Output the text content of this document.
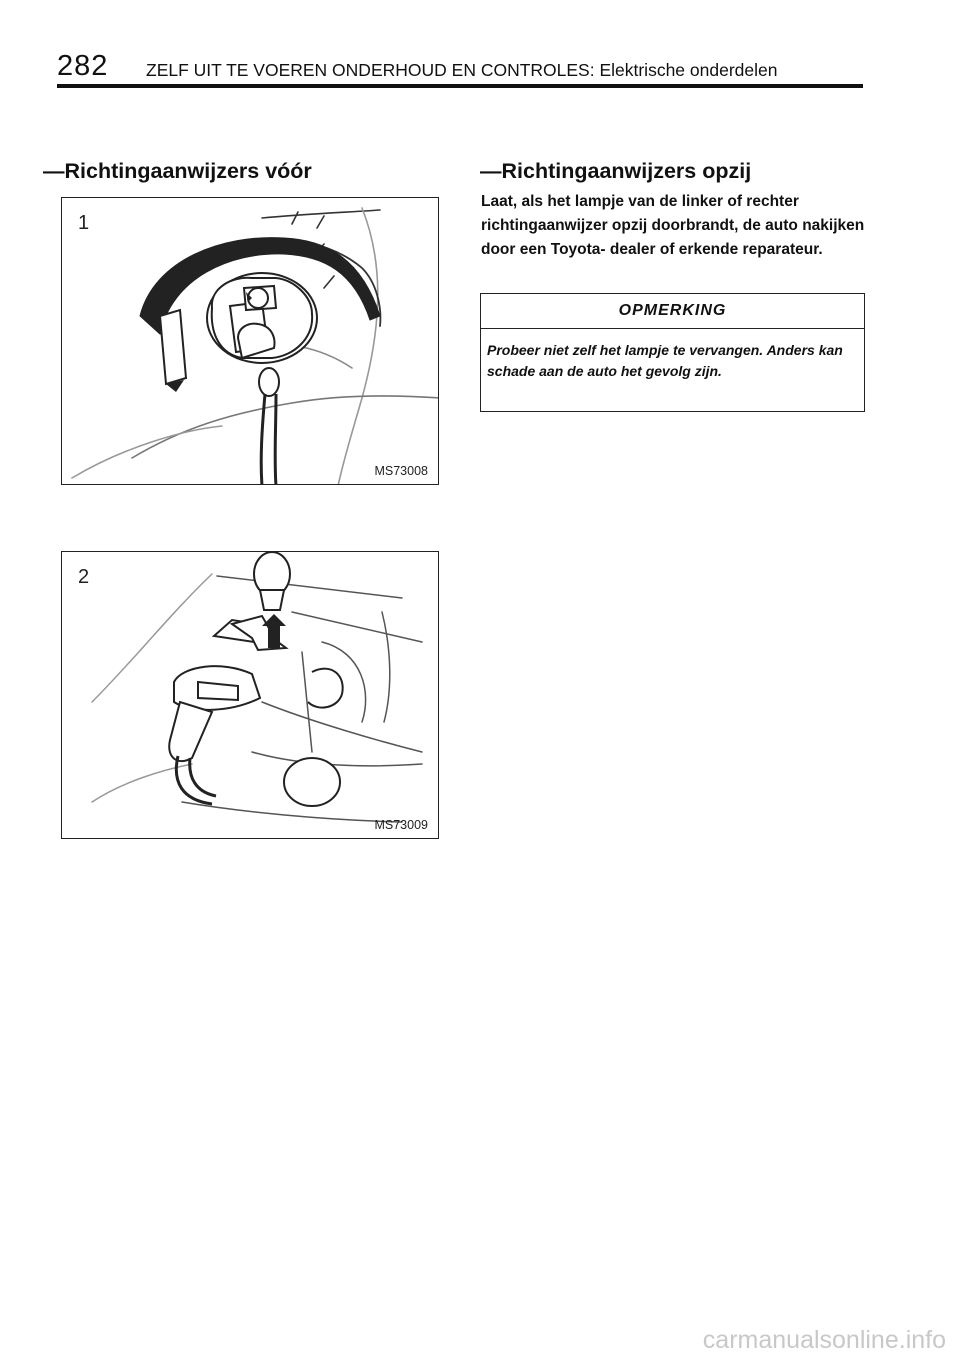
282 ZELF UIT TE VOEREN ONDERHOUD EN CONTROLES: Elektrische onderdelen
—Richtingaanwijzers vóór	—Richtingaanwijzers opzij
1
MS73008
2
MS73009
Laat, als het lampje van de linker of rechter richtingaanwijzer opzij doorbrandt, de auto nakijken door een Toyota- dealer of erkende reparateur.
OPMERKING
Probeer niet zelf het lampje te vervangen. Anders kan schade aan de auto het gevolg zijn.
carmanualsonline.info
